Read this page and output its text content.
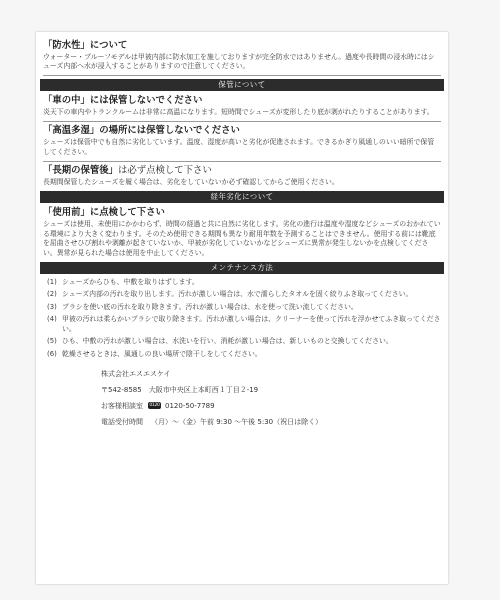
「防水性」について

ウォーター・プルーフモデルは甲被内部に防水加工を施しておりますが完全防水ではありません。過度や長時間の浸水時にはシューズ内部へ水が浸入することがありますので注意してください。

保管について
「車の中」には保管しないでください

炎天下の車内やトランクルームは非常に高温になります。短時間でシューズが変形したり底が剥がれたりすることがあります。

「高温多湿」の場所には保管しないでください

シューズは保管中でも自然に劣化しています。温度、湿度が高いと劣化が促進されます。できるかぎり風通しのいい暗所で保管してください。

「長期の保管後」は必ず点検して下さい

長期間保管したシューズを履く場合は、劣化をしていないか必ず確認してからご使用ください。

経年劣化について
「使用前」に点検して下さい

シューズは使用、未使用にかかわらず、時間の経過と共に自然に劣化します。劣化の進行は温度や湿度などシューズのおかれている環境により大きく変わります。そのため使用できる期間も異なり耐用年数を予測することはできません。使用する前には靴底を屈曲させひび割れや剥離が起きていないか、甲被が劣化していないかなどシューズに異常が発生しないかを点検してください。異常が見られた場合は使用を中止してください。

メンテナンス方法
(1) シューズからひも、中敷を取りはずします。
(2) シューズ内部の汚れを取り出します。汚れが激しい場合は、水で濡らしたタオルを固く絞りふき取ってください。
(3) ブラシを使い底の汚れを取り除きます。汚れが激しい場合は、水を使って洗い流してください。
(4) 甲被の汚れは柔らかいブラシで取り除きます。汚れが激しい場合は、クリーナーを使って汚れを浮かせてふき取ってください。
(5) ひも、中敷の汚れが激しい場合は、水洗いを行い、消耗が激しい場合は、新しいものと交換してください。
(6) 乾燥させるときは、風通しの良い場所で陰干しをしてください。
株式会社エスエスケイ
〒542-8585　大阪市中央区上本町西１丁目２-19
お客様相談室 0120 0120-50-7789
電話受付時間 （月）～（金）午前 9:30 ～午後 5:30（祝日は除く）
